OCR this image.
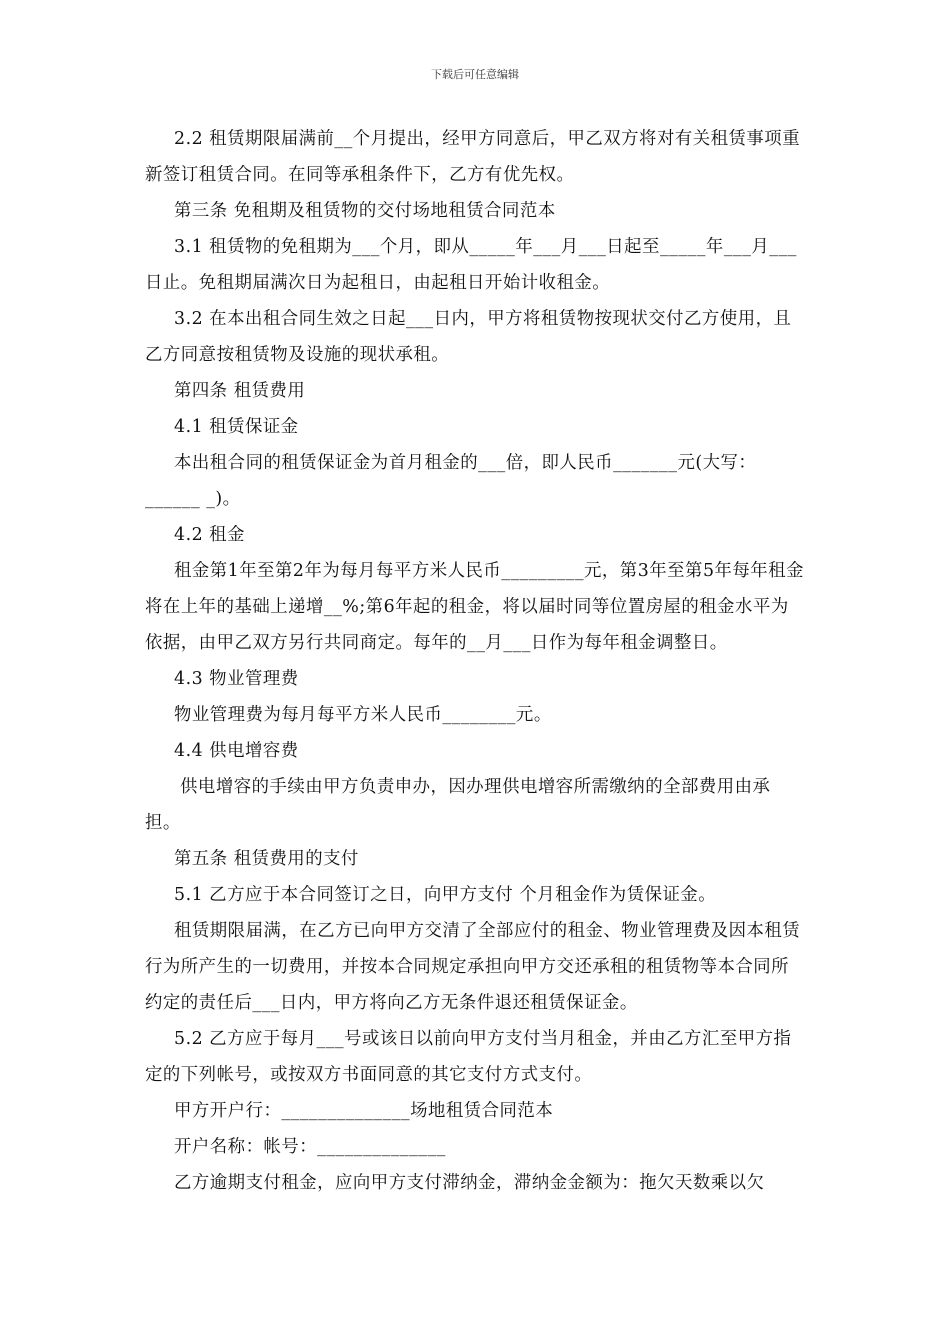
下载后可任意编辑

2.2 租赁期限届满前__个月提出，经甲方同意后，甲乙双方将对有关租赁事项重新签订租赁合同。在同等承租条件下，乙方有优先权。

第三条 免租期及租赁物的交付场地租赁合同范本

3.1 租赁物的免租期为___个月，即从_____年___月___日起至_____年___月___日止。免租期届满次日为起租日，由起租日开始计收租金。

3.2 在本出租合同生效之日起___日内，甲方将租赁物按现状交付乙方使用，且乙方同意按租赁物及设施的现状承租。

第四条 租赁费用

4.1 租赁保证金

本出租合同的租赁保证金为首月租金的___倍，即人民币_______元(大写：______ _)。

4.2 租金

租金第1年至第2年为每月每平方米人民币_________元，第3年至第5年每年租金将在上年的基础上递增__%;第6年起的租金，将以届时同等位置房屋的租金水平为依据，由甲乙双方另行共同商定。每年的__月___日作为每年租金调整日。

4.3 物业管理费

物业管理费为每月每平方米人民币________元。

4.4 供电增容费

供电增容的手续由甲方负责申办，因办理供电增容所需缴纳的全部费用由承担。

第五条 租赁费用的支付

5.1 乙方应于本合同签订之日，向甲方支付 个月租金作为赁保证金。

租赁期限届满，在乙方已向甲方交清了全部应付的租金、物业管理费及因本租赁行为所产生的一切费用，并按本合同规定承担向甲方交还承租的租赁物等本合同所约定的责任后___日内，甲方将向乙方无条件退还租赁保证金。

5.2 乙方应于每月___号或该日以前向甲方支付当月租金，并由乙方汇至甲方指定的下列帐号，或按双方书面同意的其它支付方式支付。

甲方开户行：______________场地租赁合同范本

开户名称：帐号：______________

乙方逾期支付租金，应向甲方支付滞纳金，滞纳金金额为：拖欠天数乘以欠
